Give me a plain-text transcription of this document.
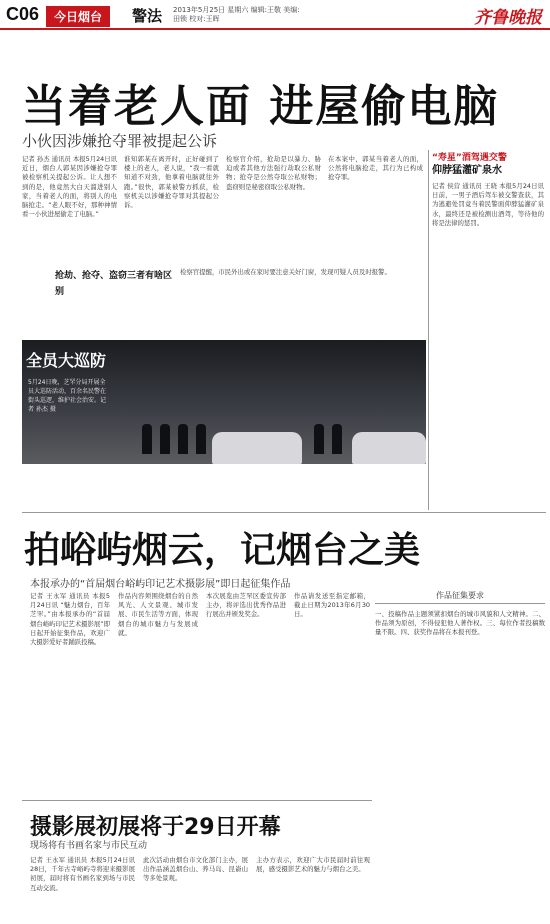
C06	今日烟台	警法 2013年5月25日 星期六 编辑:王敬 美编:田锁 校对:王晖	齐鲁晚报
当着老人面 进屋偷电脑
小伙因涉嫌抢夺罪被提起公诉
记者 孙杰 通讯员 本报5月24日讯 近日，烟台人郭某因涉嫌抢夺罪被检察机关提起公诉。让人想不到的是，他竟然大白天溜进别人家，当着老人的面，将别人的电脑抢走。“老人眼不好，那种神情看一小伙进屋偷走了电脑。”
抢劫、抢夺、盗窃三者有啥区别
谁知郭某在离开时，正好碰到了楼上的老人，老人说，“我一看就知道不对劲，他拿着电脑就往外跑。”很快，郭某被警方抓获，检察机关以涉嫌抢夺罪对其提起公诉。
检察官介绍，抢劫是以暴力、胁迫或者其他方法强行劫取公私财物；抢夺是公然夺取公私财物；盗窃则是秘密窃取公私财物。
在本案中，郭某当着老人的面，公然将电脑抢走，其行为已构成抢夺罪。
检察官提醒，市民外出或在家时要注意关好门窗，发现可疑人员及时报警。
“寿星”酒驾遇交警
仰脖猛灌矿泉水
记者 侯营 通讯员 王晓 本报5月24日讯 日前，一男子酒后驾车被交警查获，其为逃避处罚竟当着民警面仰脖猛灌矿泉水，最终还是被检测出酒驾，等待他的将是法律的惩罚。
全员大巡防
5月24日晚，芝罘分局开展全员大巡防活动，百余名民警在街头巡逻，维护社会治安。记者 孙杰 摄
拍峪屿烟云，记烟台之美
本报承办的“首届烟台峪屿印记艺术摄影展”即日起征集作品
作品征集要求
记者 王永军 通讯员 本报5月24日讯 “魅力烟台，百年芝罘。”由本报承办的“首届烟台峪屿印记艺术摄影展”即日起开始征集作品，欢迎广大摄影爱好者踊跃投稿。
作品内容须围绕烟台的自然风光、人文景观、城市发展、市民生活等方面，体现烟台的城市魅力与发展成就。
本次展览由芝罘区委宣传部主办，将评选出优秀作品进行展出并颁发奖金。
作品请发送至指定邮箱，截止日期为2013年6月30日。	一、投稿作品主题须紧扣烟台的城市风貌和人文精神。二、作品须为原创，不得侵犯他人著作权。三、每位作者投稿数量不限。四、获奖作品将在本报刊登。
摄影展初展将于29日开幕
现场将有书画名家与市民互动
记者 王永军 通讯员 本报5月24日讯 28日，千年古寺峪屿寺将迎来摄影展初展，届时将有书画名家到场与市民互动交流。
此次活动由烟台市文化部门主办，展出作品涵盖烟台山、养马岛、昆嵛山等多处景观。
主办方表示，欢迎广大市民届时前往观展，感受摄影艺术的魅力与烟台之美。
